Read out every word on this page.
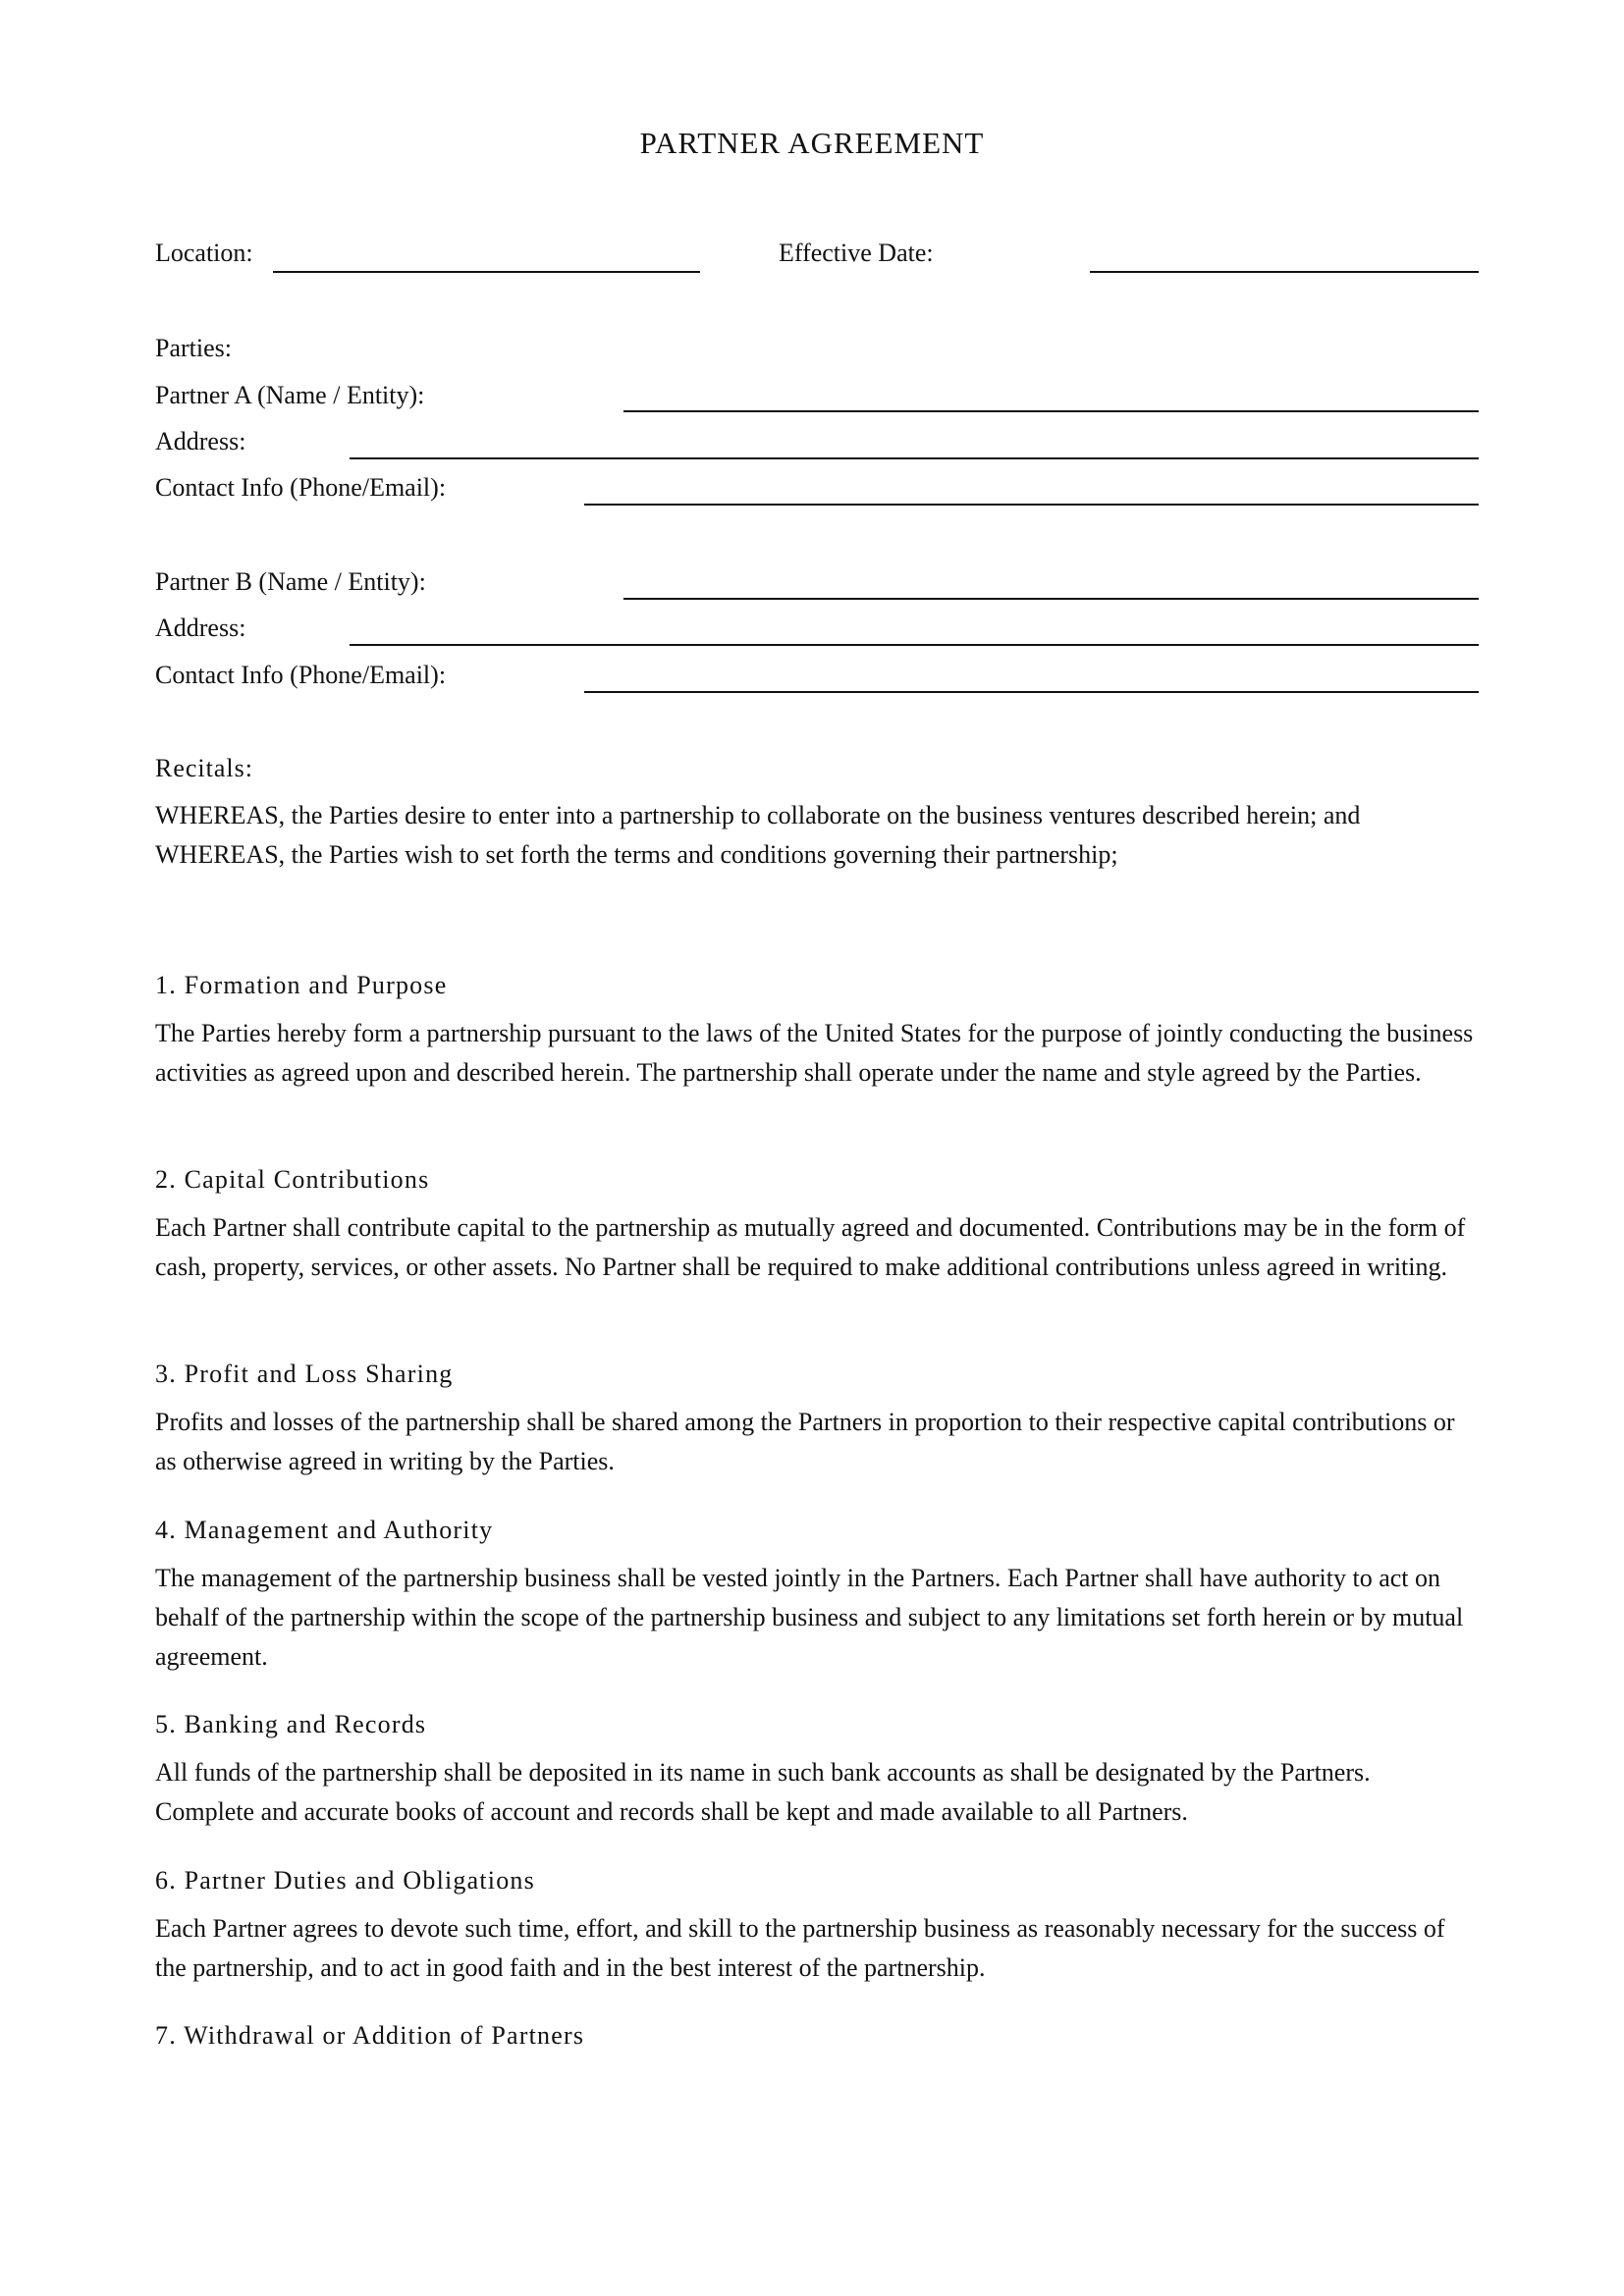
PARTNER AGREEMENT
Location:	Effective Date:
Parties:
Partner A (Name / Entity):
Address:
Contact Info (Phone/Email):
Partner B (Name / Entity):
Address:
Contact Info (Phone/Email):
Recitals:
WHEREAS, the Parties desire to enter into a partnership to collaborate on the business ventures described herein; and
WHEREAS, the Parties wish to set forth the terms and conditions governing their partnership;
1. Formation and Purpose
The Parties hereby form a partnership pursuant to the laws of the United States for the purpose of jointly conducting the business activities as agreed upon and described herein. The partnership shall operate under the name and style agreed by the Parties.
2. Capital Contributions
Each Partner shall contribute capital to the partnership as mutually agreed and documented. Contributions may be in the form of cash, property, services, or other assets. No Partner shall be required to make additional contributions unless agreed in writing.
3. Profit and Loss Sharing
Profits and losses of the partnership shall be shared among the Partners in proportion to their respective capital contributions or as otherwise agreed in writing by the Parties.
4. Management and Authority
The management of the partnership business shall be vested jointly in the Partners. Each Partner shall have authority to act on behalf of the partnership within the scope of the partnership business and subject to any limitations set forth herein or by mutual agreement.
5. Banking and Records
All funds of the partnership shall be deposited in its name in such bank accounts as shall be designated by the Partners. Complete and accurate books of account and records shall be kept and made available to all Partners.
6. Partner Duties and Obligations
Each Partner agrees to devote such time, effort, and skill to the partnership business as reasonably necessary for the success of the partnership, and to act in good faith and in the best interest of the partnership.
7. Withdrawal or Addition of Partners
